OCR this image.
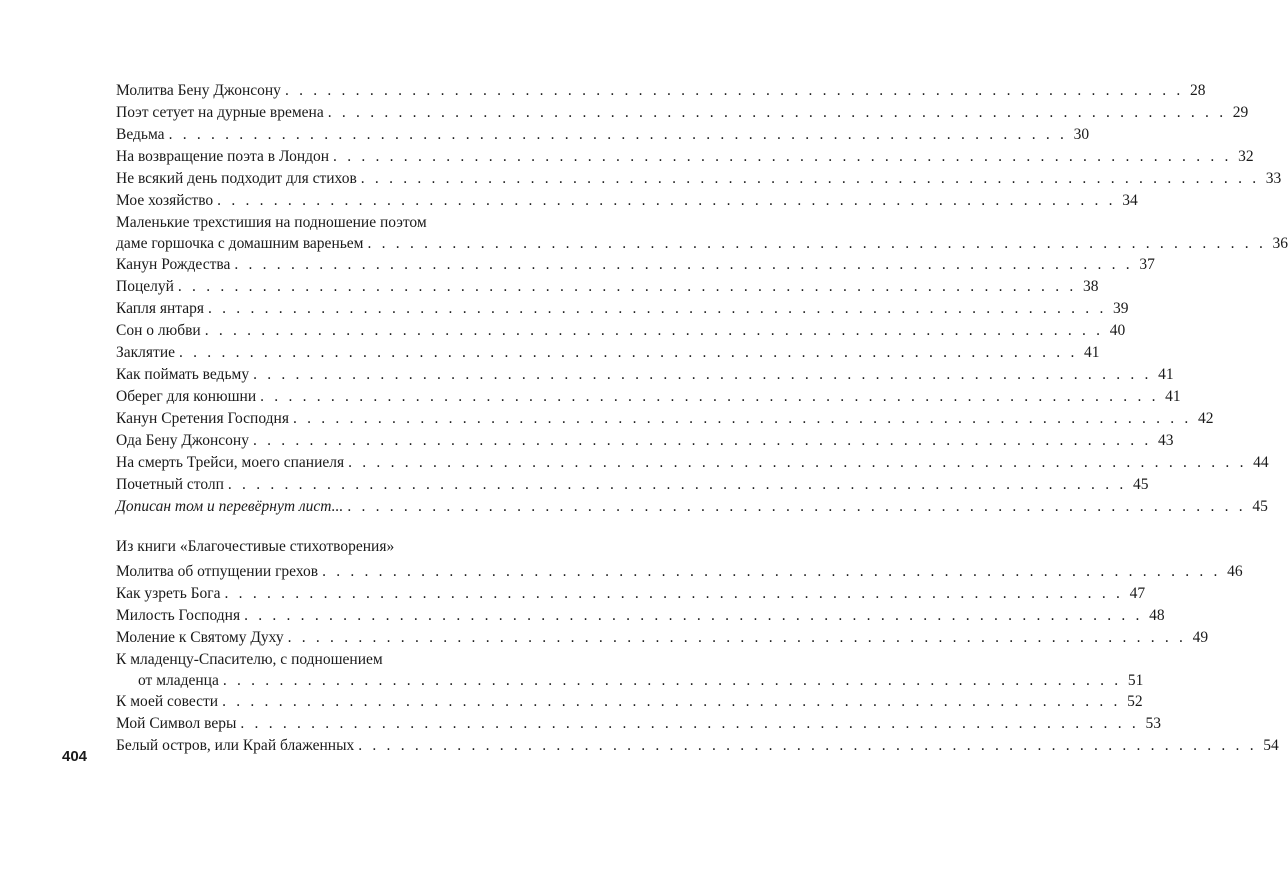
Молитва Бену Джонсону . . .	28
Поэт сетует на дурные времена . . .	29
Ведьма . . .	30
На возвращение поэта в Лондон . . .	32
Не всякий день подходит для стихов . . .	33
Мое хозяйство . . .	34
Маленькие трехстишия на подношение поэтом
даме горшочка с домашним вареньем . . .	36
Канун Рождества . . .	37
Поцелуй . . .	38
Капля янтаря . . .	39
Сон о любви . . .	40
Заклятие . . .	41
Как поймать ведьму . . .	41
Оберег для конюшни . . .	41
Канун Сретения Господня . . .	42
Ода Бену Джонсону . . .	43
На смерть Трейси, моего спаниеля . . .	44
Почетный столп . . .	45
Дописан том и перевёрнут лист... . . .	45
Из книги «Благочестивые стихотворения»
Молитва об отпущении грехов . . .	46
Как узреть Бога . . .	47
Милость Господня . . .	48
Моление к Святому Духу . . .	49
К младенцу-Спасителю, с подношением
от младенца . . .	51
К моей совести . . .	52
Мой Символ веры . . .	53
Белый остров, или Край блаженных . . .	54
404
